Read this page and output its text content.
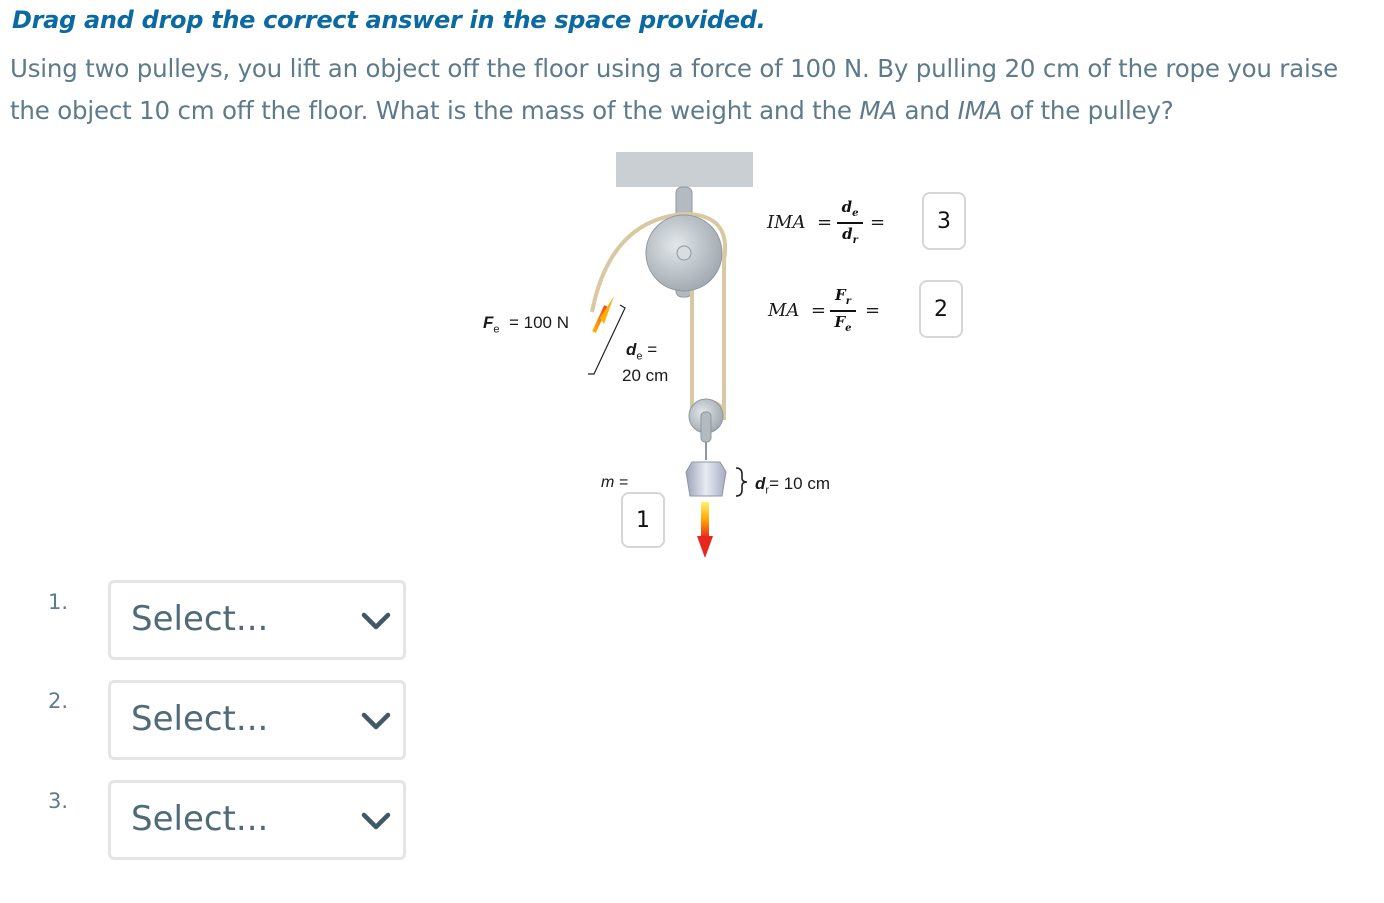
Drag and drop the correct answer in the space provided.

Using two pulleys, you lift an object off the floor using a force of 100 N. By pulling 20 cm of the rope you raise the object 10 cm off the floor. What is the mass of the weight and the MA and IMA of the pulley?

$F_e = 100$ N
$d_e$ =
20 cm
m =	$d_r= 10$ cm
IMA =
$d_e$
$d_r$
=
MA =
$F_r$
$F_e$
=
3
2
1
1. Select...
2. Select...
3. Select...
